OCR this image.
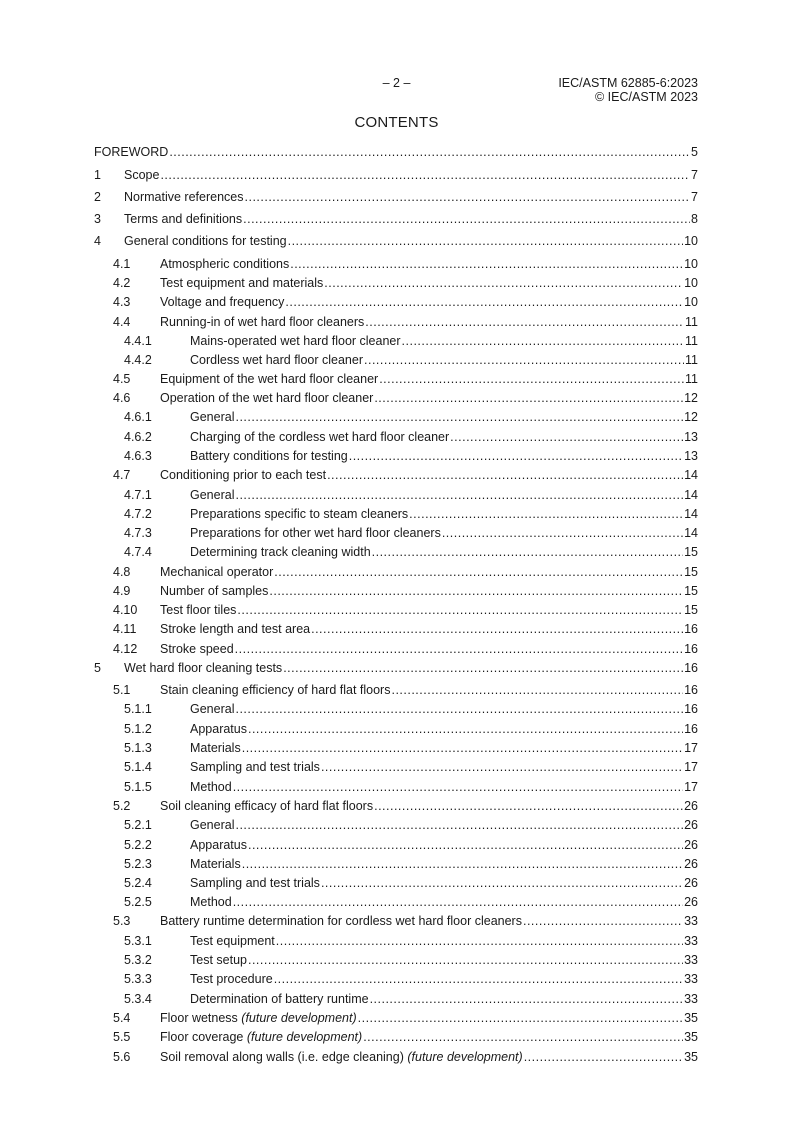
– 2 –	IEC/ASTM 62885-6:2023
© IEC/ASTM 2023
CONTENTS
FOREWORD .....	5
1	Scope .....	7
2	Normative references .....	7
3	Terms and definitions .....	8
4	General conditions for testing .....	10
4.1	Atmospheric conditions .....	10
4.2	Test equipment and materials .....	10
4.3	Voltage and frequency .....	10
4.4	Running-in of wet hard floor cleaners .....	11
4.4.1	Mains-operated wet hard floor cleaner .....	11
4.4.2	Cordless wet hard floor cleaner .....	11
4.5	Equipment of the wet hard floor cleaner .....	11
4.6	Operation of the wet hard floor cleaner .....	12
4.6.1	General .....	12
4.6.2	Charging of the cordless wet hard floor cleaner .....	13
4.6.3	Battery conditions for testing .....	13
4.7	Conditioning prior to each test .....	14
4.7.1	General .....	14
4.7.2	Preparations specific to steam cleaners .....	14
4.7.3	Preparations for other wet hard floor cleaners .....	14
4.7.4	Determining track cleaning width .....	15
4.8	Mechanical operator .....	15
4.9	Number of samples .....	15
4.10	Test floor tiles .....	15
4.11	Stroke length and test area .....	16
4.12	Stroke speed .....	16
5	Wet hard floor cleaning tests .....	16
5.1	Stain cleaning efficiency of hard flat floors .....	16
5.1.1	General .....	16
5.1.2	Apparatus .....	16
5.1.3	Materials .....	17
5.1.4	Sampling and test trials .....	17
5.1.5	Method .....	17
5.2	Soil cleaning efficacy of hard flat floors .....	26
5.2.1	General .....	26
5.2.2	Apparatus .....	26
5.2.3	Materials .....	26
5.2.4	Sampling and test trials .....	26
5.2.5	Method .....	26
5.3	Battery runtime determination for cordless wet hard floor cleaners .....	33
5.3.1	Test equipment .....	33
5.3.2	Test setup .....	33
5.3.3	Test procedure .....	33
5.3.4	Determination of battery runtime .....	33
5.4	Floor wetness (future development) .....	35
5.5	Floor coverage (future development) .....	35
5.6	Soil removal along walls (i.e. edge cleaning) (future development) .....	35
